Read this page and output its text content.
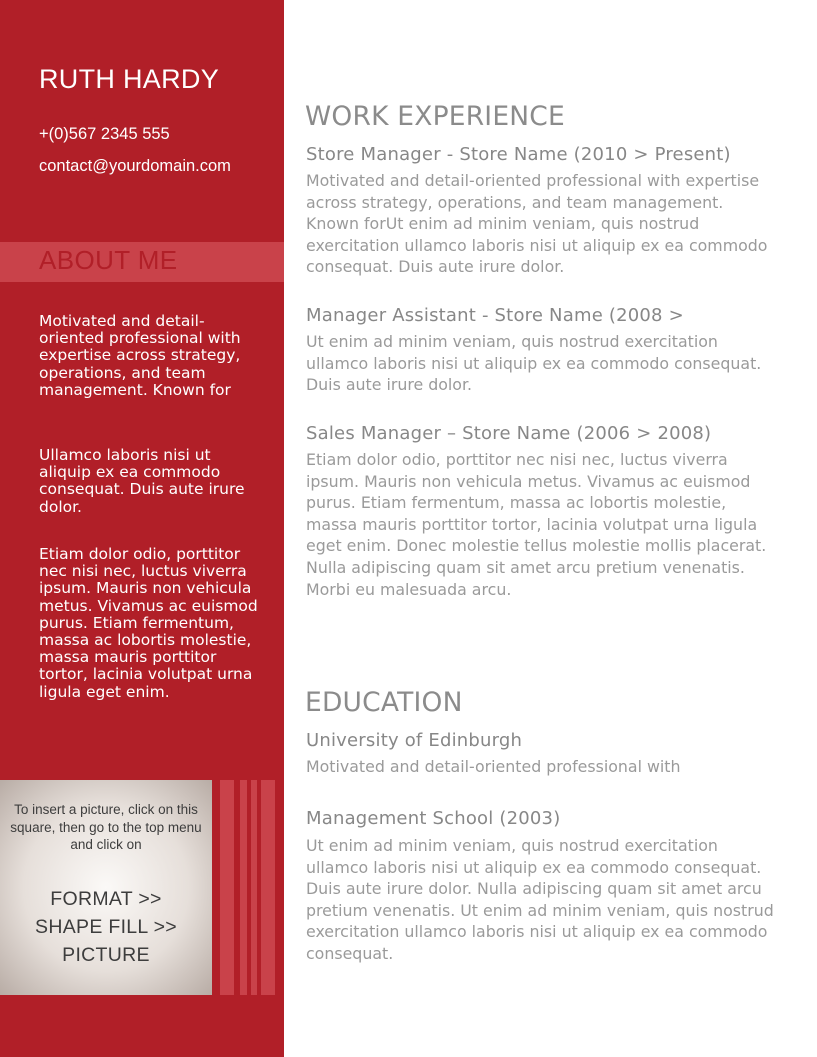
RUTH HARDY

+(0)567 2345 555

contact@yourdomain.com

ABOUT ME

Motivated and detail-oriented professional with expertise across strategy, operations, and team management. Known for

Ullamco laboris nisi ut aliquip ex ea commodo consequat. Duis aute irure dolor.

Etiam dolor odio, porttitor nec nisi nec, luctus viverra ipsum. Mauris non vehicula metus. Vivamus ac euismod purus. Etiam fermentum, massa ac lobortis molestie, massa mauris porttitor tortor, lacinia volutpat urna ligula eget enim.

To insert a picture, click on this square, then go to the top menu and click on
FORMAT >>
SHAPE FILL >>
PICTURE
WORK EXPERIENCE
Store Manager - Store Name (2010 > Present)

Motivated and detail-oriented professional with expertise across strategy, operations, and team management. Known forUt enim ad minim veniam, quis nostrud exercitation ullamco laboris nisi ut aliquip ex ea commodo consequat. Duis aute irure dolor.

Manager Assistant - Store Name (2008 >

Ut enim ad minim veniam, quis nostrud exercitation ullamco laboris nisi ut aliquip ex ea commodo consequat. Duis aute irure dolor.

Sales Manager – Store Name (2006 > 2008)

Etiam dolor odio, porttitor nec nisi nec, luctus viverra ipsum. Mauris non vehicula metus. Vivamus ac euismod purus. Etiam fermentum, massa ac lobortis molestie, massa mauris porttitor tortor, lacinia volutpat urna ligula eget enim. Donec molestie tellus molestie mollis placerat. Nulla adipiscing quam sit amet arcu pretium venenatis. Morbi eu malesuada arcu.

EDUCATION
University of Edinburgh

Motivated and detail-oriented professional with

Management School (2003)

Ut enim ad minim veniam, quis nostrud exercitation ullamco laboris nisi ut aliquip ex ea commodo consequat. Duis aute irure dolor. Nulla adipiscing quam sit amet arcu pretium venenatis. Ut enim ad minim veniam, quis nostrud exercitation ullamco laboris nisi ut aliquip ex ea commodo consequat.
